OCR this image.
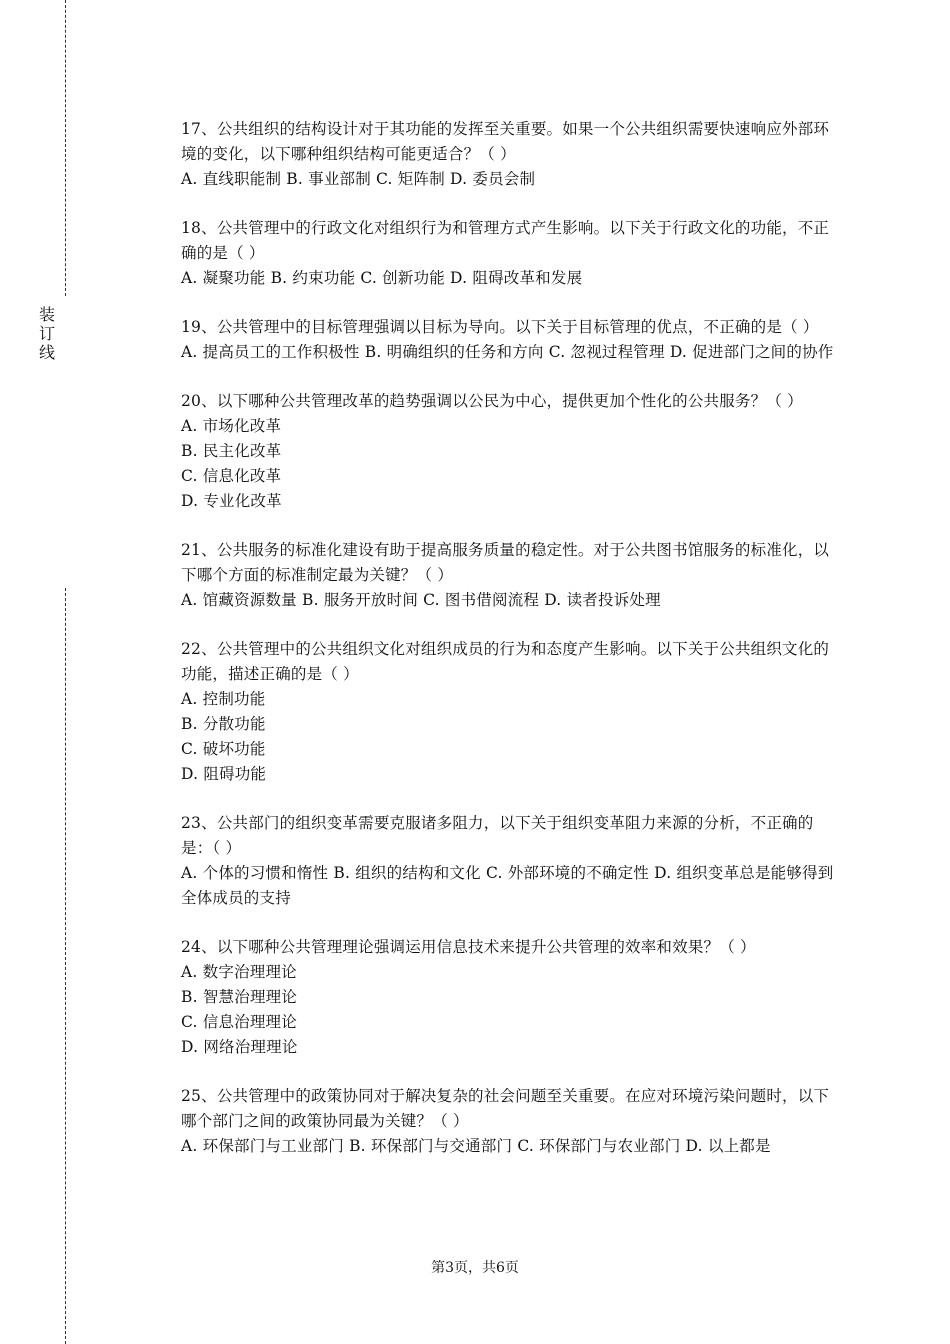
装订线

17、公共组织的结构设计对于其功能的发挥至关重要。如果一个公共组织需要快速响应外部环境的变化，以下哪种组织结构可能更适合？（ ）

A. 直线职能制 B. 事业部制 C. 矩阵制 D. 委员会制

18、公共管理中的行政文化对组织行为和管理方式产生影响。以下关于行政文化的功能，不正确的是（ ）

A. 凝聚功能 B. 约束功能 C. 创新功能 D. 阻碍改革和发展

19、公共管理中的目标管理强调以目标为导向。以下关于目标管理的优点，不正确的是（ ）

A. 提高员工的工作积极性 B. 明确组织的任务和方向 C. 忽视过程管理 D. 促进部门之间的协作

20、以下哪种公共管理改革的趋势强调以公民为中心，提供更加个性化的公共服务？（ ）

A. 市场化改革

B. 民主化改革

C. 信息化改革

D. 专业化改革

21、公共服务的标准化建设有助于提高服务质量的稳定性。对于公共图书馆服务的标准化，以下哪个方面的标准制定最为关键？（ ）

A. 馆藏资源数量 B. 服务开放时间 C. 图书借阅流程 D. 读者投诉处理

22、公共管理中的公共组织文化对组织成员的行为和态度产生影响。以下关于公共组织文化的功能，描述正确的是（ ）

A. 控制功能

B. 分散功能

C. 破坏功能

D. 阻碍功能

23、公共部门的组织变革需要克服诸多阻力，以下关于组织变革阻力来源的分析，不正确的是：（ ）

A. 个体的习惯和惰性 B. 组织的结构和文化 C. 外部环境的不确定性 D. 组织变革总是能够得到全体成员的支持

24、以下哪种公共管理理论强调运用信息技术来提升公共管理的效率和效果？（ ）

A. 数字治理理论

B. 智慧治理理论

C. 信息治理理论

D. 网络治理理论

25、公共管理中的政策协同对于解决复杂的社会问题至关重要。在应对环境污染问题时，以下哪个部门之间的政策协同最为关键？（ ）

A. 环保部门与工业部门 B. 环保部门与交通部门 C. 环保部门与农业部门 D. 以上都是

第3页，共6页
